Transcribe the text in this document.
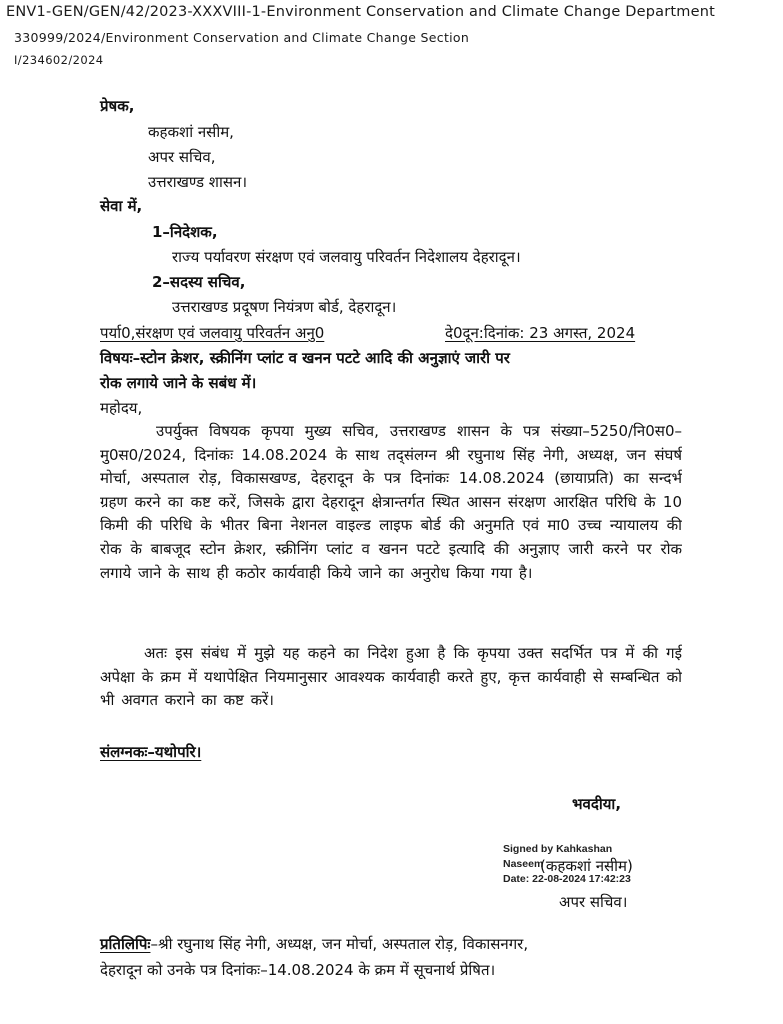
ENV1-GEN/GEN/42/2023-XXXVIII-1-Environment Conservation and Climate Change Department
330999/2024/Environment Conservation and Climate Change Section
I/234602/2024
प्रेषक,
कहकशां नसीम,
अपर सचिव,
उत्तराखण्ड शासन।
सेवा में,
1–निदेशक,
राज्य पर्यावरण संरक्षण एवं जलवायु परिवर्तन निदेशालय देहरादून।
2–सदस्य सचिव,
उत्तराखण्ड प्रदूषण नियंत्रण बोर्ड, देहरादून।
पर्या0,संरक्षण एवं जलवायु परिवर्तन अनु0	दे0दून:दिनांक: 23 अगस्त, 2024
विषयः–स्टोन क्रेशर, स्क्रीनिंग प्लांट व खनन पटटे आदि की अनुज्ञाएं जारी पर
रोक लगाये जाने के सबंध में।
महोदय,
उपर्युक्त विषयक कृपया मुख्य सचिव, उत्तराखण्ड शासन के पत्र संख्या–5250/नि0स0–मु0स0/2024, दिनांकः 14.08.2024 के साथ तद्संलग्न श्री रघुनाथ सिंह नेगी, अध्यक्ष, जन संघर्ष मोर्चा, अस्पताल रोड़, विकासखण्ड, देहरादून के पत्र दिनांकः 14.08.2024 (छायाप्रति) का सन्दर्भ ग्रहण करने का कष्ट करें, जिसके द्वारा देहरादून क्षेत्रान्तर्गत स्थित आसन संरक्षण आरक्षित परिधि के 10 किमी की परिधि के भीतर बिना नेशनल वाइल्ड लाइफ बोर्ड की अनुमति एवं मा0 उच्च न्यायालय की रोक के बाबजूद स्टोन क्रेशर, स्क्रीनिंग प्लांट व खनन पटटे इत्यादि की अनुज्ञाए जारी करने पर रोक लगाये जाने के साथ ही कठोर कार्यवाही किये जाने का अनुरोध किया गया है।
अतः इस संबंध में मुझे यह कहने का निदेश हुआ है कि कृपया उक्त सदर्भित पत्र में की गई अपेक्षा के क्रम में यथापेक्षित नियमानुसार आवश्यक कार्यवाही करते हुए, कृत्त कार्यवाही से सम्बन्धित को भी अवगत कराने का कष्ट करें।
संलग्नकः–यथोपरि।
भवदीया,
Signed by Kahkashan
Naseem
Date: 22-08-2024 17:42:23
(कहकशां नसीम)
अपर सचिव।
प्रतिलिपिः–श्री रघुनाथ सिंह नेगी, अध्यक्ष, जन मोर्चा, अस्पताल रोड़, विकासनगर,
देहरादून को उनके पत्र दिनांकः–14.08.2024 के क्रम में सूचनार्थ प्रेषित।
